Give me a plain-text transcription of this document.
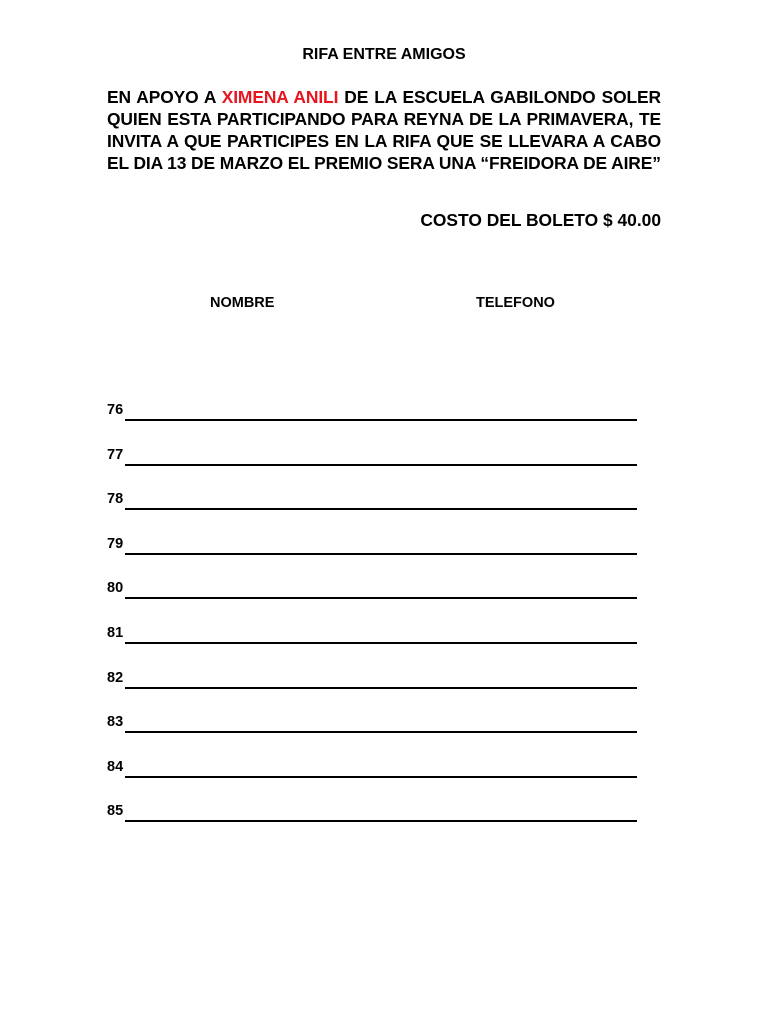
RIFA ENTRE AMIGOS
EN APOYO A XIMENA ANILI DE LA ESCUELA GABILONDO SOLER QUIEN ESTA PARTICIPANDO PARA REYNA DE LA PRIMAVERA, TE INVITA A QUE PARTICIPES EN LA RIFA QUE SE LLEVARA A CABO EL DIA 13 DE MARZO EL PREMIO SERA UNA “FREIDORA DE AIRE”
COSTO DEL BOLETO $ 40.00
NOMBRE	TELEFONO
76
77
78
79
80
81
82
83
84
85
